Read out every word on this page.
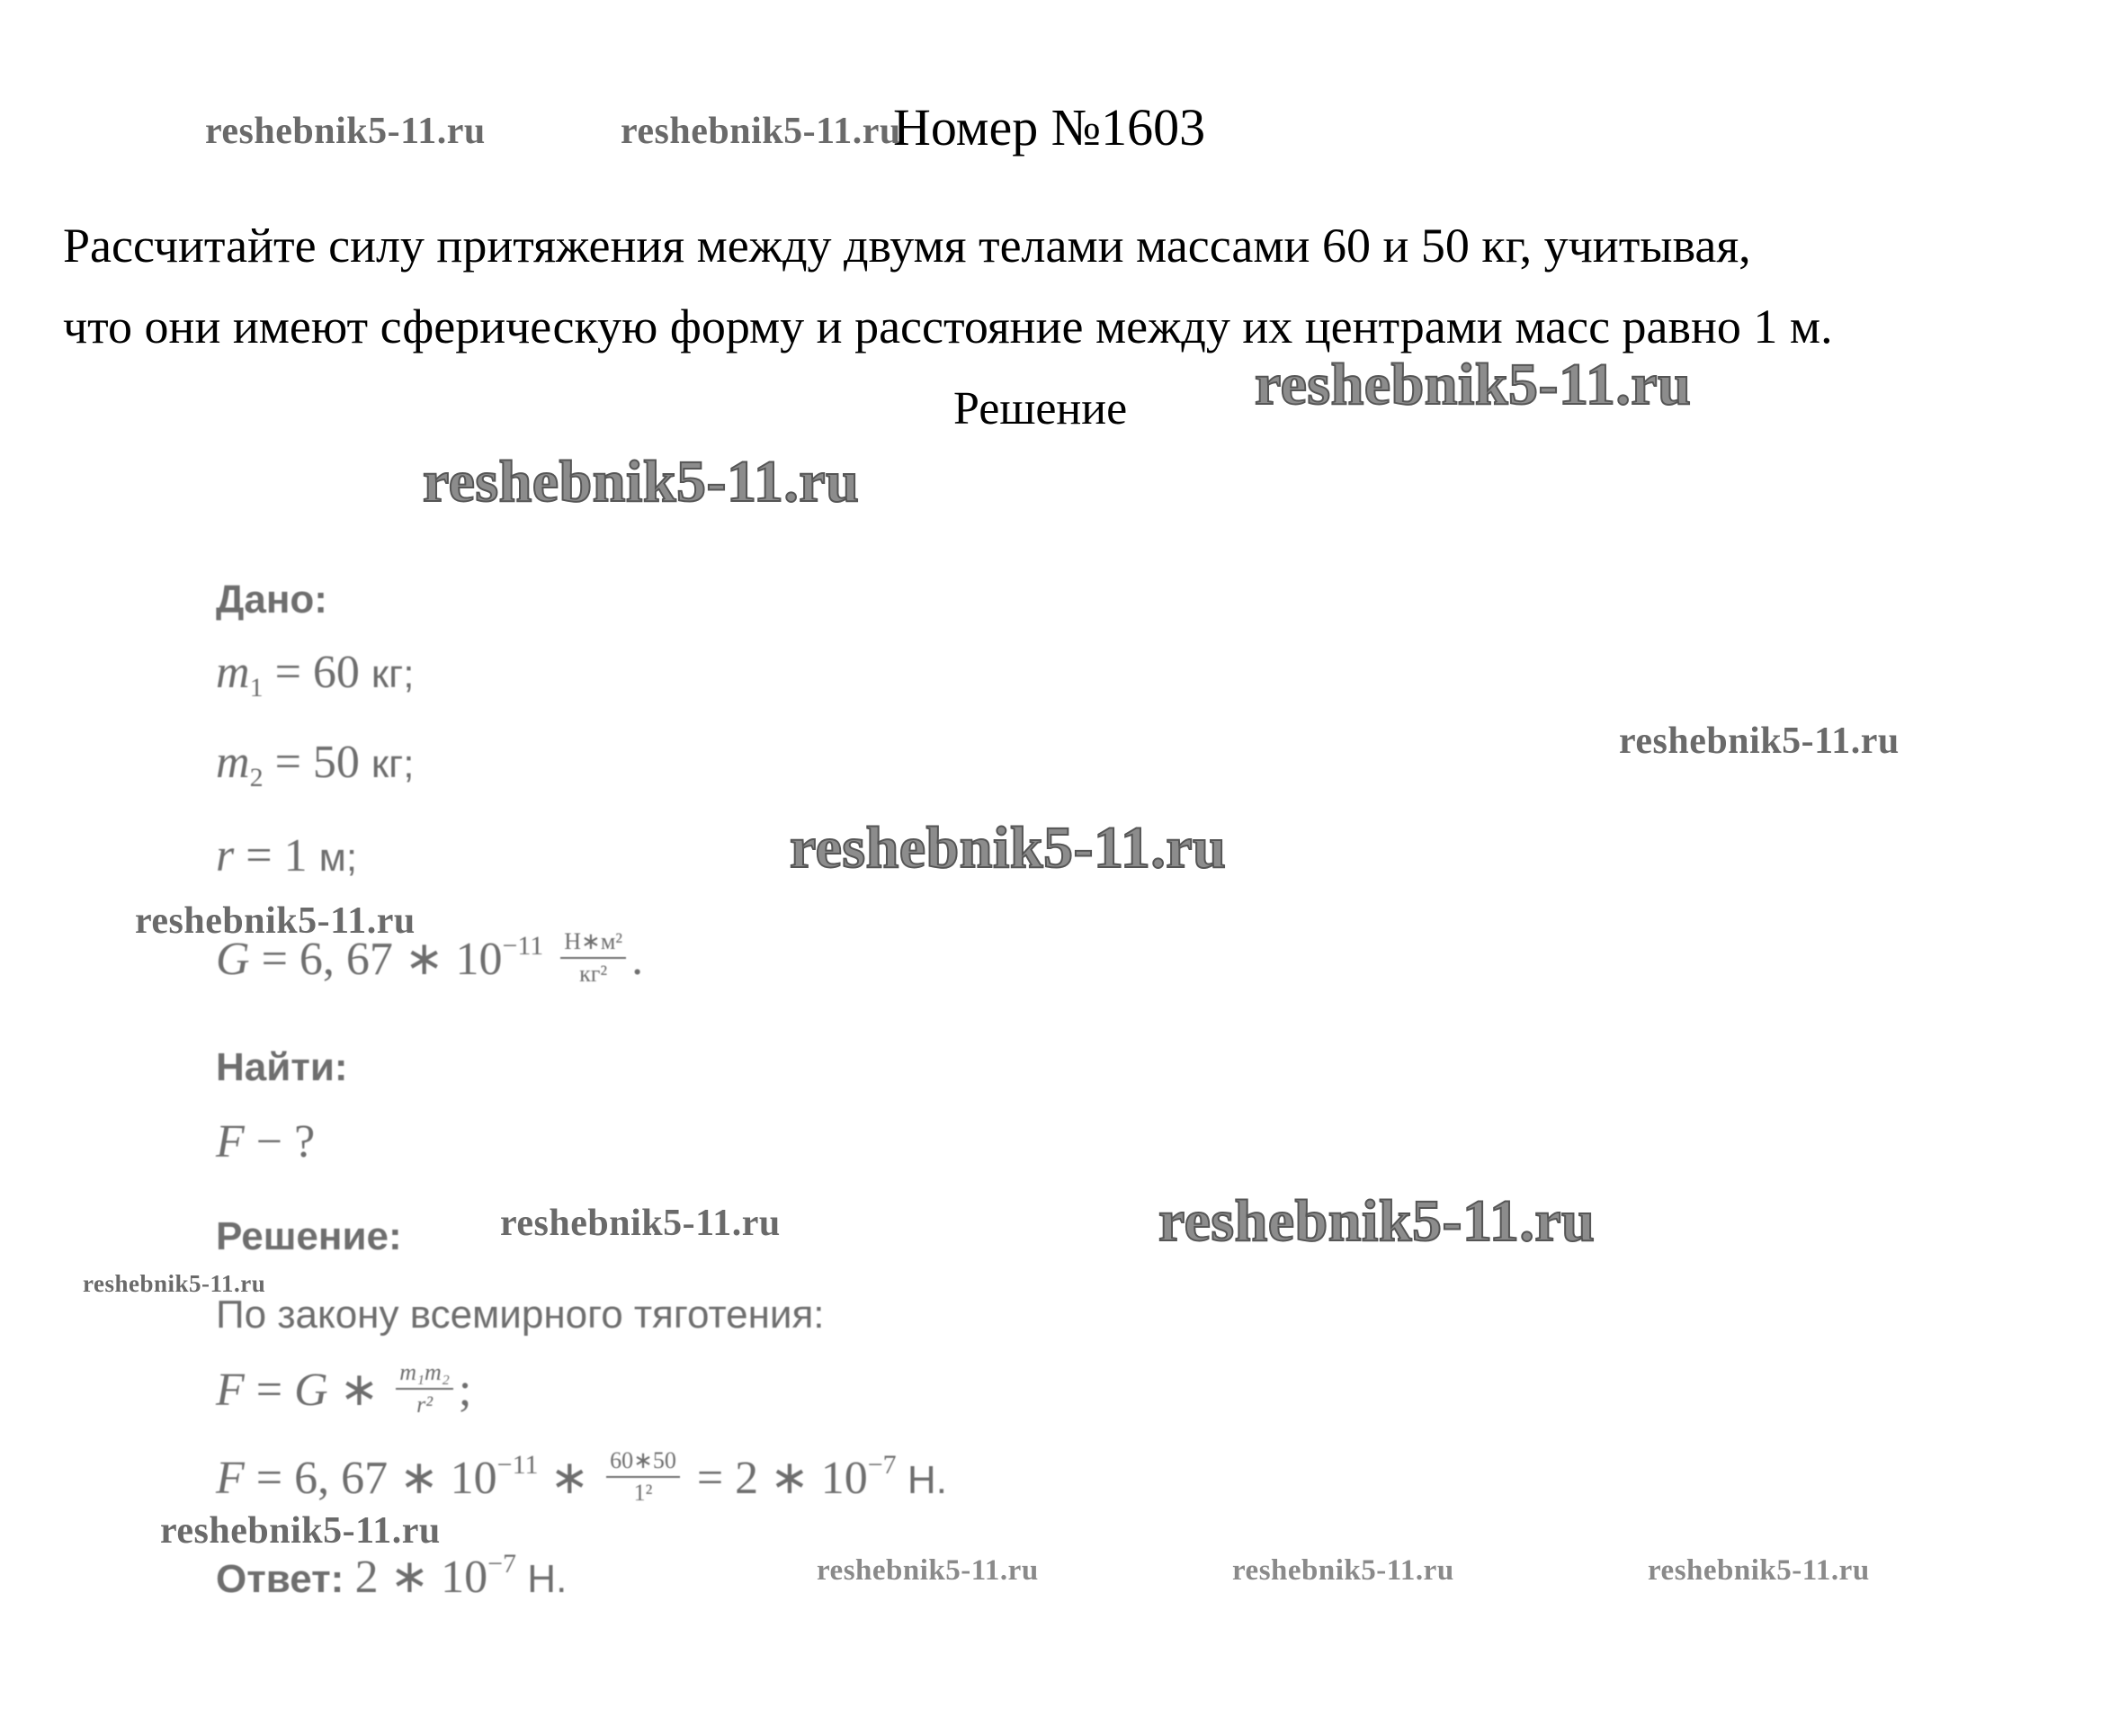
reshebnik5-11.ru	reshebnik5-11.ru
Номер №1603
Рассчитайте силу притяжения между двумя телами массами 60 и 50 кг, учитывая,
что они имеют сферическую форму и расстояние между их центрами масс равно 1 м.
Решение reshebnik5-11.ru
reshebnik5-11.ru
Дано:
$m_1 = 60$ кг;
$m_2 = 50$ кг;
reshebnik5-11.ru
r = 1 м;	reshebnik5-11.ru
reshebnik5-11.ru
G = 6, 67 ∗ $10^{-11} \frac{\text{Н∗м²}}{\text{кг²}}$ .
Найти:
F − ?
Решение:	reshebnik5-11.ru	reshebnik5-11.ru
reshebnik5-11.ru
По закону всемирного тяготения:
F = G ∗ $\frac{\text{m₁m₂}}{\text{r²}}$ ;
F = 6, 67 ∗ $10^{-11}$ ∗ $\frac{60∗50}{\text{1²}} = 2$ ∗ $10^{-7}$ Н.
reshebnik5-11.ru
Ответ: 2 ∗ $10^{-7}$ Н.	reshebnik5-11.ru	reshebnik5-11.ru	reshebnik5-11.ru
